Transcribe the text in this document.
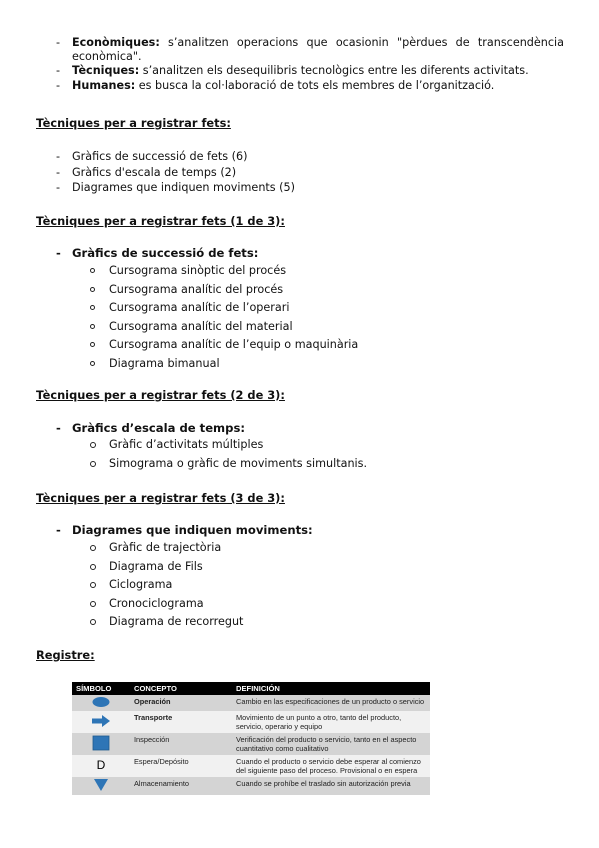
- Econòmiques: s’analitzen operacions que ocasionin "pèrdues de transcendència econòmica".
- Tècniques: s’analitzen els desequilibris tecnològics entre les diferents activitats.
- Humanes: es busca la col·laboració de tots els membres de l’organització.
Tècniques per a registrar fets:
- Gràfics de successió de fets (6)
- Gràfics d'escala de temps (2)
- Diagrames que indiquen moviments (5)
Tècniques per a registrar fets (1 de 3):
- Gràfics de successió de fets:
Cursograma sinòptic del procés
Cursograma analític del procés
Cursograma analític de l’operari
Cursograma analític del material
Cursograma analític de l’equip o maquinària
Diagrama bimanual
Tècniques per a registrar fets (2 de 3):
- Gràfics d’escala de temps:
Gràfic d’activitats múltiples
Simograma o gràfic de moviments simultanis.
Tècniques per a registrar fets (3 de 3):
- Diagrames que indiquen moviments:
Gràfic de trajectòria
Diagrama de Fils
Ciclograma
Cronociclograma
Diagrama de recorregut
Registre:
SÍMBOLO	CONCEPTO	DEFINICIÓN
	Operación	Cambio en las especificaciones de un producto o servicio
	Transporte	Movimiento de un punto a otro, tanto del producto, servicio, operario y equipo
	Inspección	Verificación del producto o servicio, tanto en el aspecto cuantitativo como cualitativo
D	Espera/Depósito	Cuando el producto o servicio debe esperar al comienzo del siguiente paso del proceso. Provisional o en espera
	Almacenamiento	Cuando se prohíbe el traslado sin autorización previa
